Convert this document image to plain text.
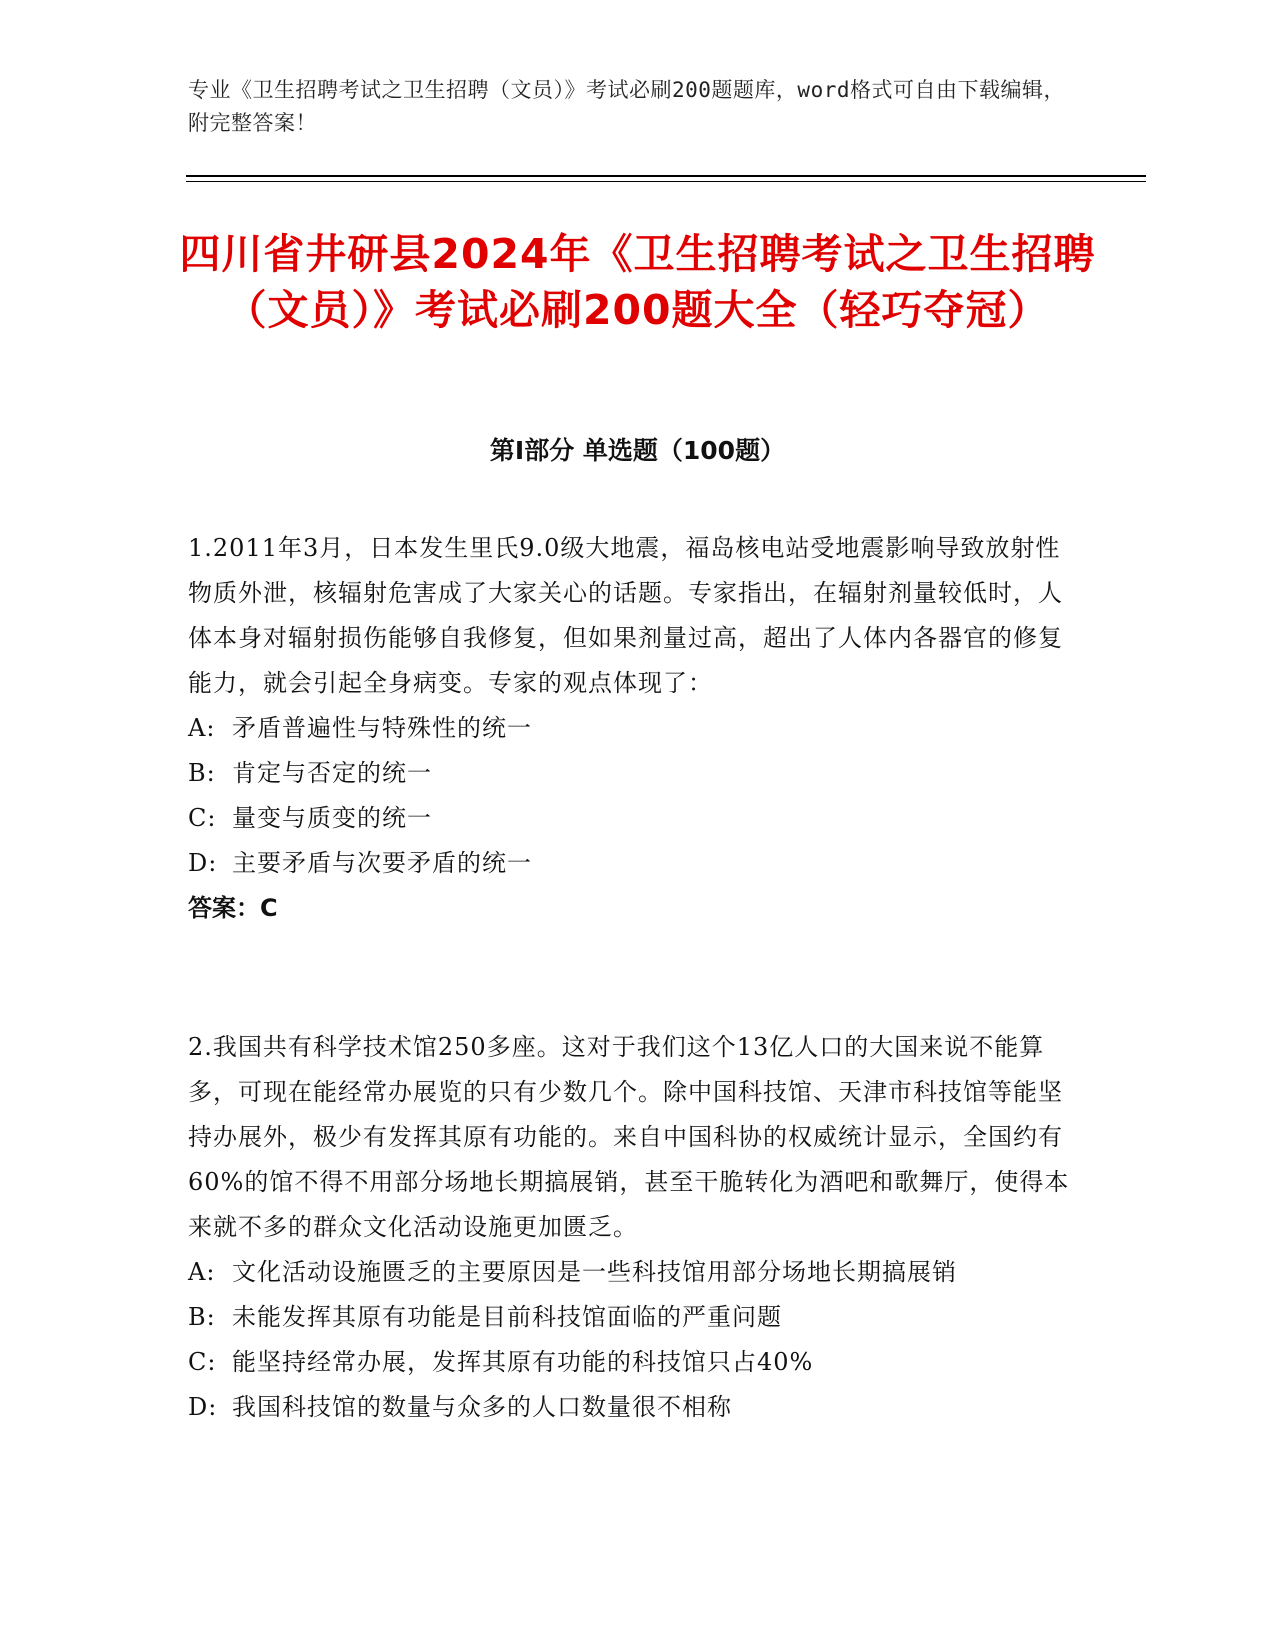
专业《卫生招聘考试之卫生招聘（文员）》考试必刷200题题库，word格式可自由下载编辑，附完整答案！
四川省井研县2024年《卫生招聘考试之卫生招聘（文员）》考试必刷200题大全（轻巧夺冠）
第I部分 单选题（100题）
1.2011年3月，日本发生里氏9.0级大地震，福岛核电站受地震影响导致放射性物质外泄，核辐射危害成了大家关心的话题。专家指出，在辐射剂量较低时，人体本身对辐射损伤能够自我修复，但如果剂量过高，超出了人体内各器官的修复能力，就会引起全身病变。专家的观点体现了：
A: 矛盾普遍性与特殊性的统一
B: 肯定与否定的统一
C: 量变与质变的统一
D: 主要矛盾与次要矛盾的统一
答案：C
2.我国共有科学技术馆250多座。这对于我们这个13亿人口的大国来说不能算多，可现在能经常办展览的只有少数几个。除中国科技馆、天津市科技馆等能坚持办展外，极少有发挥其原有功能的。来自中国科协的权威统计显示，全国约有60%的馆不得不用部分场地长期搞展销，甚至干脆转化为酒吧和歌舞厅，使得本来就不多的群众文化活动设施更加匮乏。
A: 文化活动设施匮乏的主要原因是一些科技馆用部分场地长期搞展销
B: 未能发挥其原有功能是目前科技馆面临的严重问题
C: 能坚持经常办展，发挥其原有功能的科技馆只占40%
D: 我国科技馆的数量与众多的人口数量很不相称
